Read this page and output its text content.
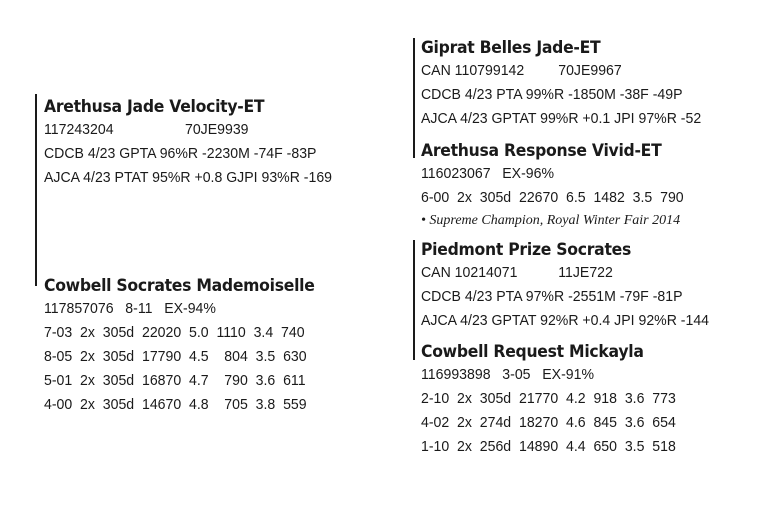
Arethusa Jade Velocity-ET
117243204	70JE9939
CDCB 4/23 GPTA 96%R -2230M -74F -83P
AJCA 4/23 PTAT 95%R +0.8 GJPI 93%R -169
Cowbell Socrates Mademoiselle
117857076   8-11   EX-94%
7-03  2x  305d  22020  5.0  1110  3.4  740
8-05  2x  305d  17790  4.5    804  3.5  630
5-01  2x  305d  16870  4.7    790  3.6  611
4-00  2x  305d  14670  4.8    705  3.8  559
Giprat Belles Jade-ET
CAN 110799142 70JE9967
CDCB 4/23 PTA 99%R -1850M -38F -49P
AJCA 4/23 GPTAT 99%R +0.1 JPI 97%R -52
Arethusa Response Vivid-ET
116023067   EX-96%
6-00  2x  305d  22670  6.5  1482  3.5  790
• Supreme Champion, Royal Winter Fair 2014
Piedmont Prize Socrates
CAN 10214071	11JE722
CDCB 4/23 PTA 97%R -2551M -79F -81P
AJCA 4/23 GPTAT 92%R +0.4 JPI 92%R -144
Cowbell Request Mickayla
116993898   3-05   EX-91%
2-10  2x  305d  21770  4.2  918  3.6  773
4-02  2x  274d  18270  4.6  845  3.6  654
1-10  2x  256d  14890  4.4  650  3.5  518
